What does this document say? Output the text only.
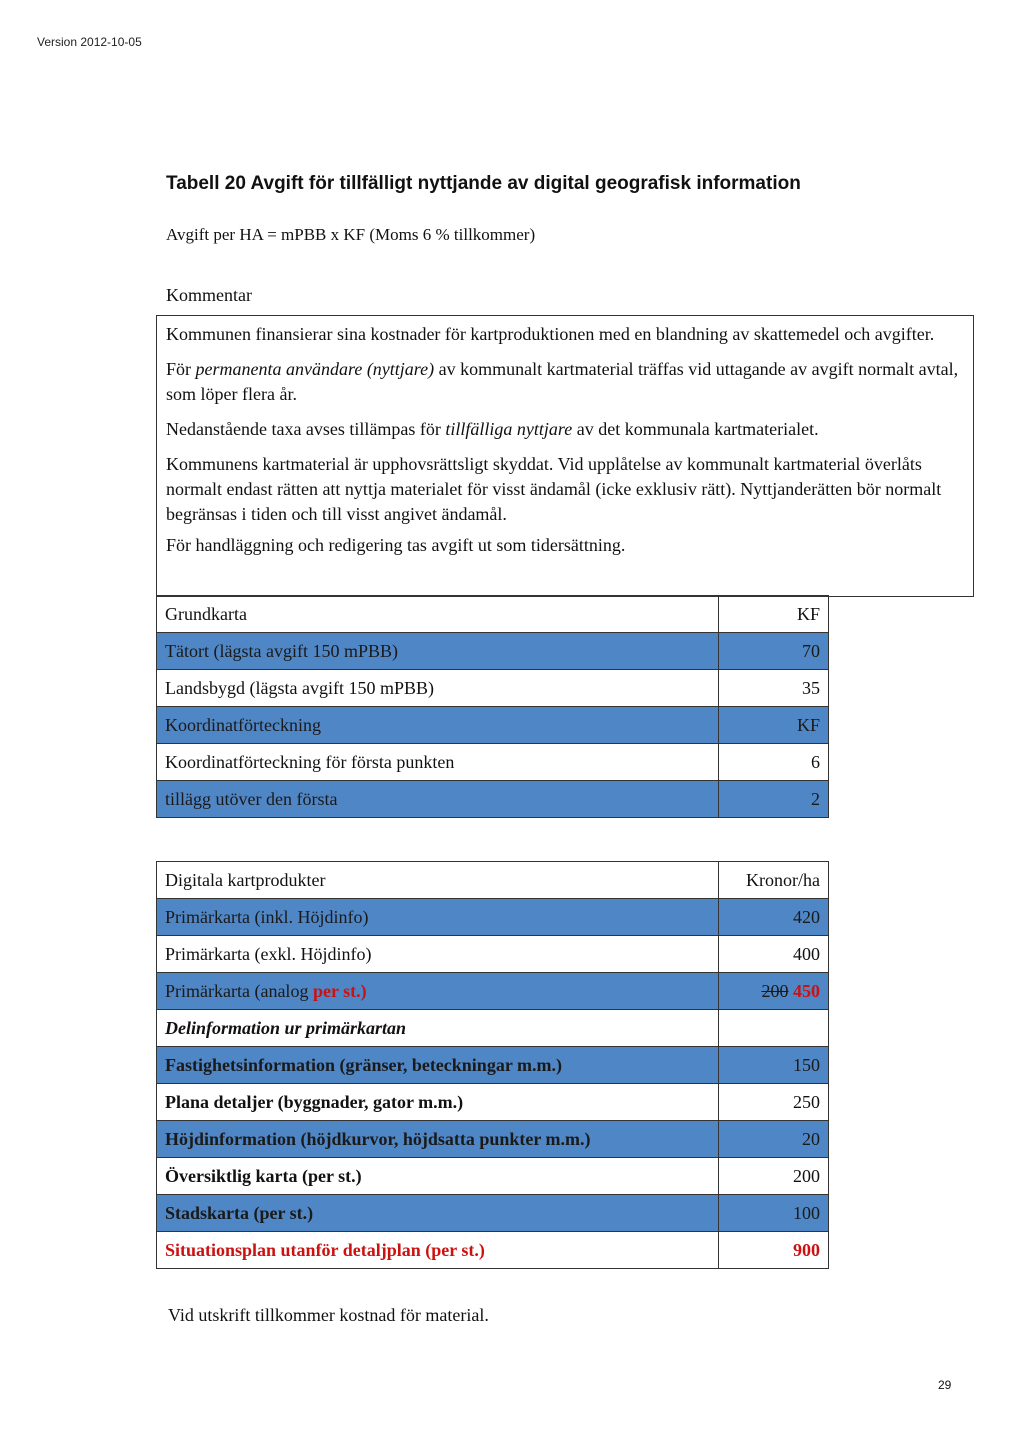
Version 2012-10-05
Tabell 20 Avgift för tillfälligt nyttjande av digital geografisk information
Avgift per HA = mPBB x KF (Moms 6 % tillkommer)
Kommentar

Kommunen finansierar sina kostnader för kartproduktionen med en blandning av skattemedel och avgifter.

För permanenta användare (nyttjare) av kommunalt kartmaterial träffas vid uttagande av avgift normalt avtal, som löper flera år.

Nedanstående taxa avses tillämpas för tillfälliga nyttjare av det kommunala kartmaterialet.

Kommunens kartmaterial är upphovsrättsligt skyddat. Vid upplåtelse av kommunalt kartmaterial överlåts normalt endast rätten att nyttja materialet för visst ändamål (icke exklusiv rätt). Nyttjanderätten bör normalt begränsas i tiden och till visst angivet ändamål.

För handläggning och redigering tas avgift ut som tidersättning.

Grundkarta	KF
Tätort (lägsta avgift 150 mPBB)	70
Landsbygd (lägsta avgift 150 mPBB)	35
Koordinatförteckning	KF
Koordinatförteckning för första punkten	6
tillägg utöver den första	2
Digitala kartprodukter	Kronor/ha
Primärkarta (inkl. Höjdinfo)	420
Primärkarta (exkl. Höjdinfo)	400
Primärkarta (analog per st.)	200 450
Delinformation ur primärkartan	
Fastighetsinformation (gränser, beteckningar m.m.)	150
Plana detaljer (byggnader, gator m.m.)	250
Höjdinformation (höjdkurvor, höjdsatta punkter m.m.)	20
Översiktlig karta (per st.)	200
Stadskarta (per st.)	100
Situationsplan utanför detaljplan (per st.)	900
Vid utskrift tillkommer kostnad för material.
29
